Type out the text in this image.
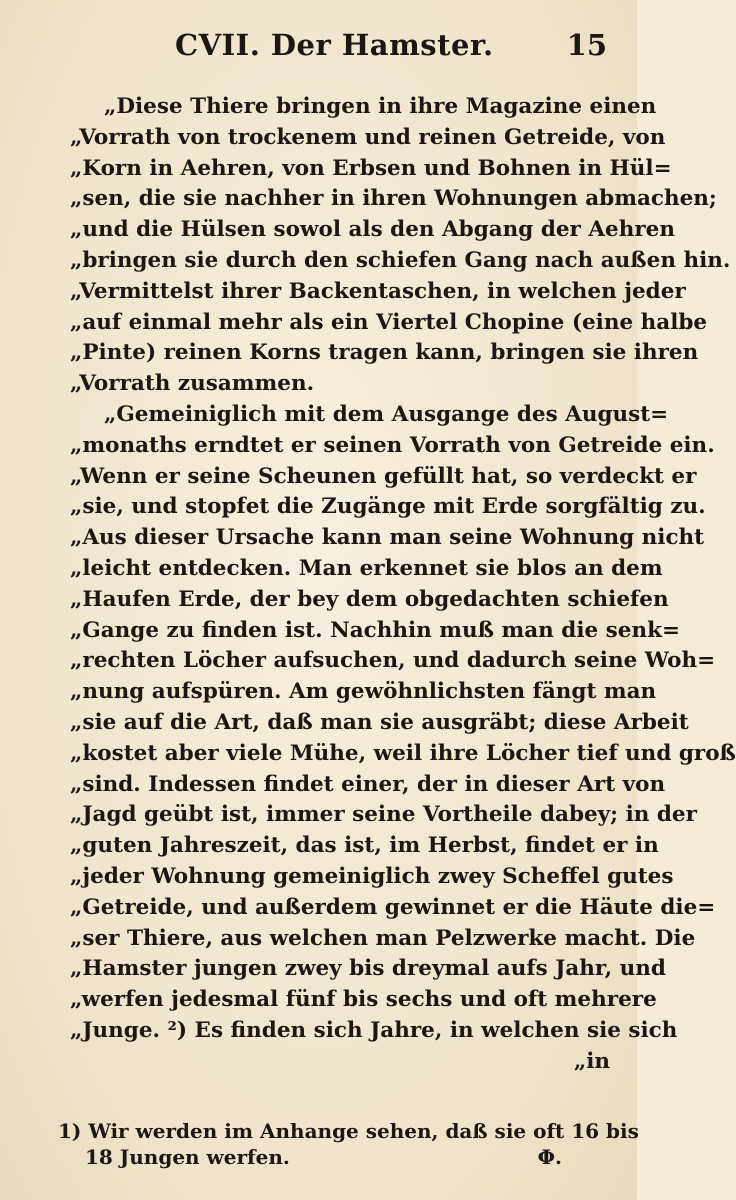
CVII. Der Hamster.	15
„Diese Thiere bringen in ihre Magazine einen
„Vorrath von trockenem und reinen Getreide, von
„Korn in Aehren, von Erbsen und Bohnen in Hül=
„sen, die sie nachher in ihren Wohnungen abmachen;
„und die Hülsen sowol als den Abgang der Aehren
„bringen sie durch den schiefen Gang nach außen hin.
„Vermittelst ihrer Backentaschen, in welchen jeder
„auf einmal mehr als ein Viertel Chopine (eine halbe
„Pinte) reinen Korns tragen kann, bringen sie ihren
„Vorrath zusammen.
„Gemeiniglich mit dem Ausgange des August=
„monaths erndtet er seinen Vorrath von Getreide ein.
„Wenn er seine Scheunen gefüllt hat, so verdeckt er
„sie, und stopfet die Zugänge mit Erde sorgfältig zu.
„Aus dieser Ursache kann man seine Wohnung nicht
„leicht entdecken. Man erkennet sie blos an dem
„Haufen Erde, der bey dem obgedachten schiefen
„Gange zu finden ist. Nachhin muß man die senk=
„rechten Löcher aufsuchen, und dadurch seine Woh=
„nung aufspüren. Am gewöhnlichsten fängt man
„sie auf die Art, daß man sie ausgräbt; diese Arbeit
„kostet aber viele Mühe, weil ihre Löcher tief und groß
„sind. Indessen findet einer, der in dieser Art von
„Jagd geübt ist, immer seine Vortheile dabey; in der
„guten Jahreszeit, das ist, im Herbst, findet er in
„jeder Wohnung gemeiniglich zwey Scheffel gutes
„Getreide, und außerdem gewinnet er die Häute die=
„ser Thiere, aus welchen man Pelzwerke macht. Die
„Hamster jungen zwey bis dreymal aufs Jahr, und
„werfen jedesmal fünf bis sechs und oft mehrere
„Junge. ²) Es finden sich Jahre, in welchen sie sich
„in
1) Wir werden im Anhange sehen, daß sie oft 16 bis
18 Jungen werfen.	Φ.
